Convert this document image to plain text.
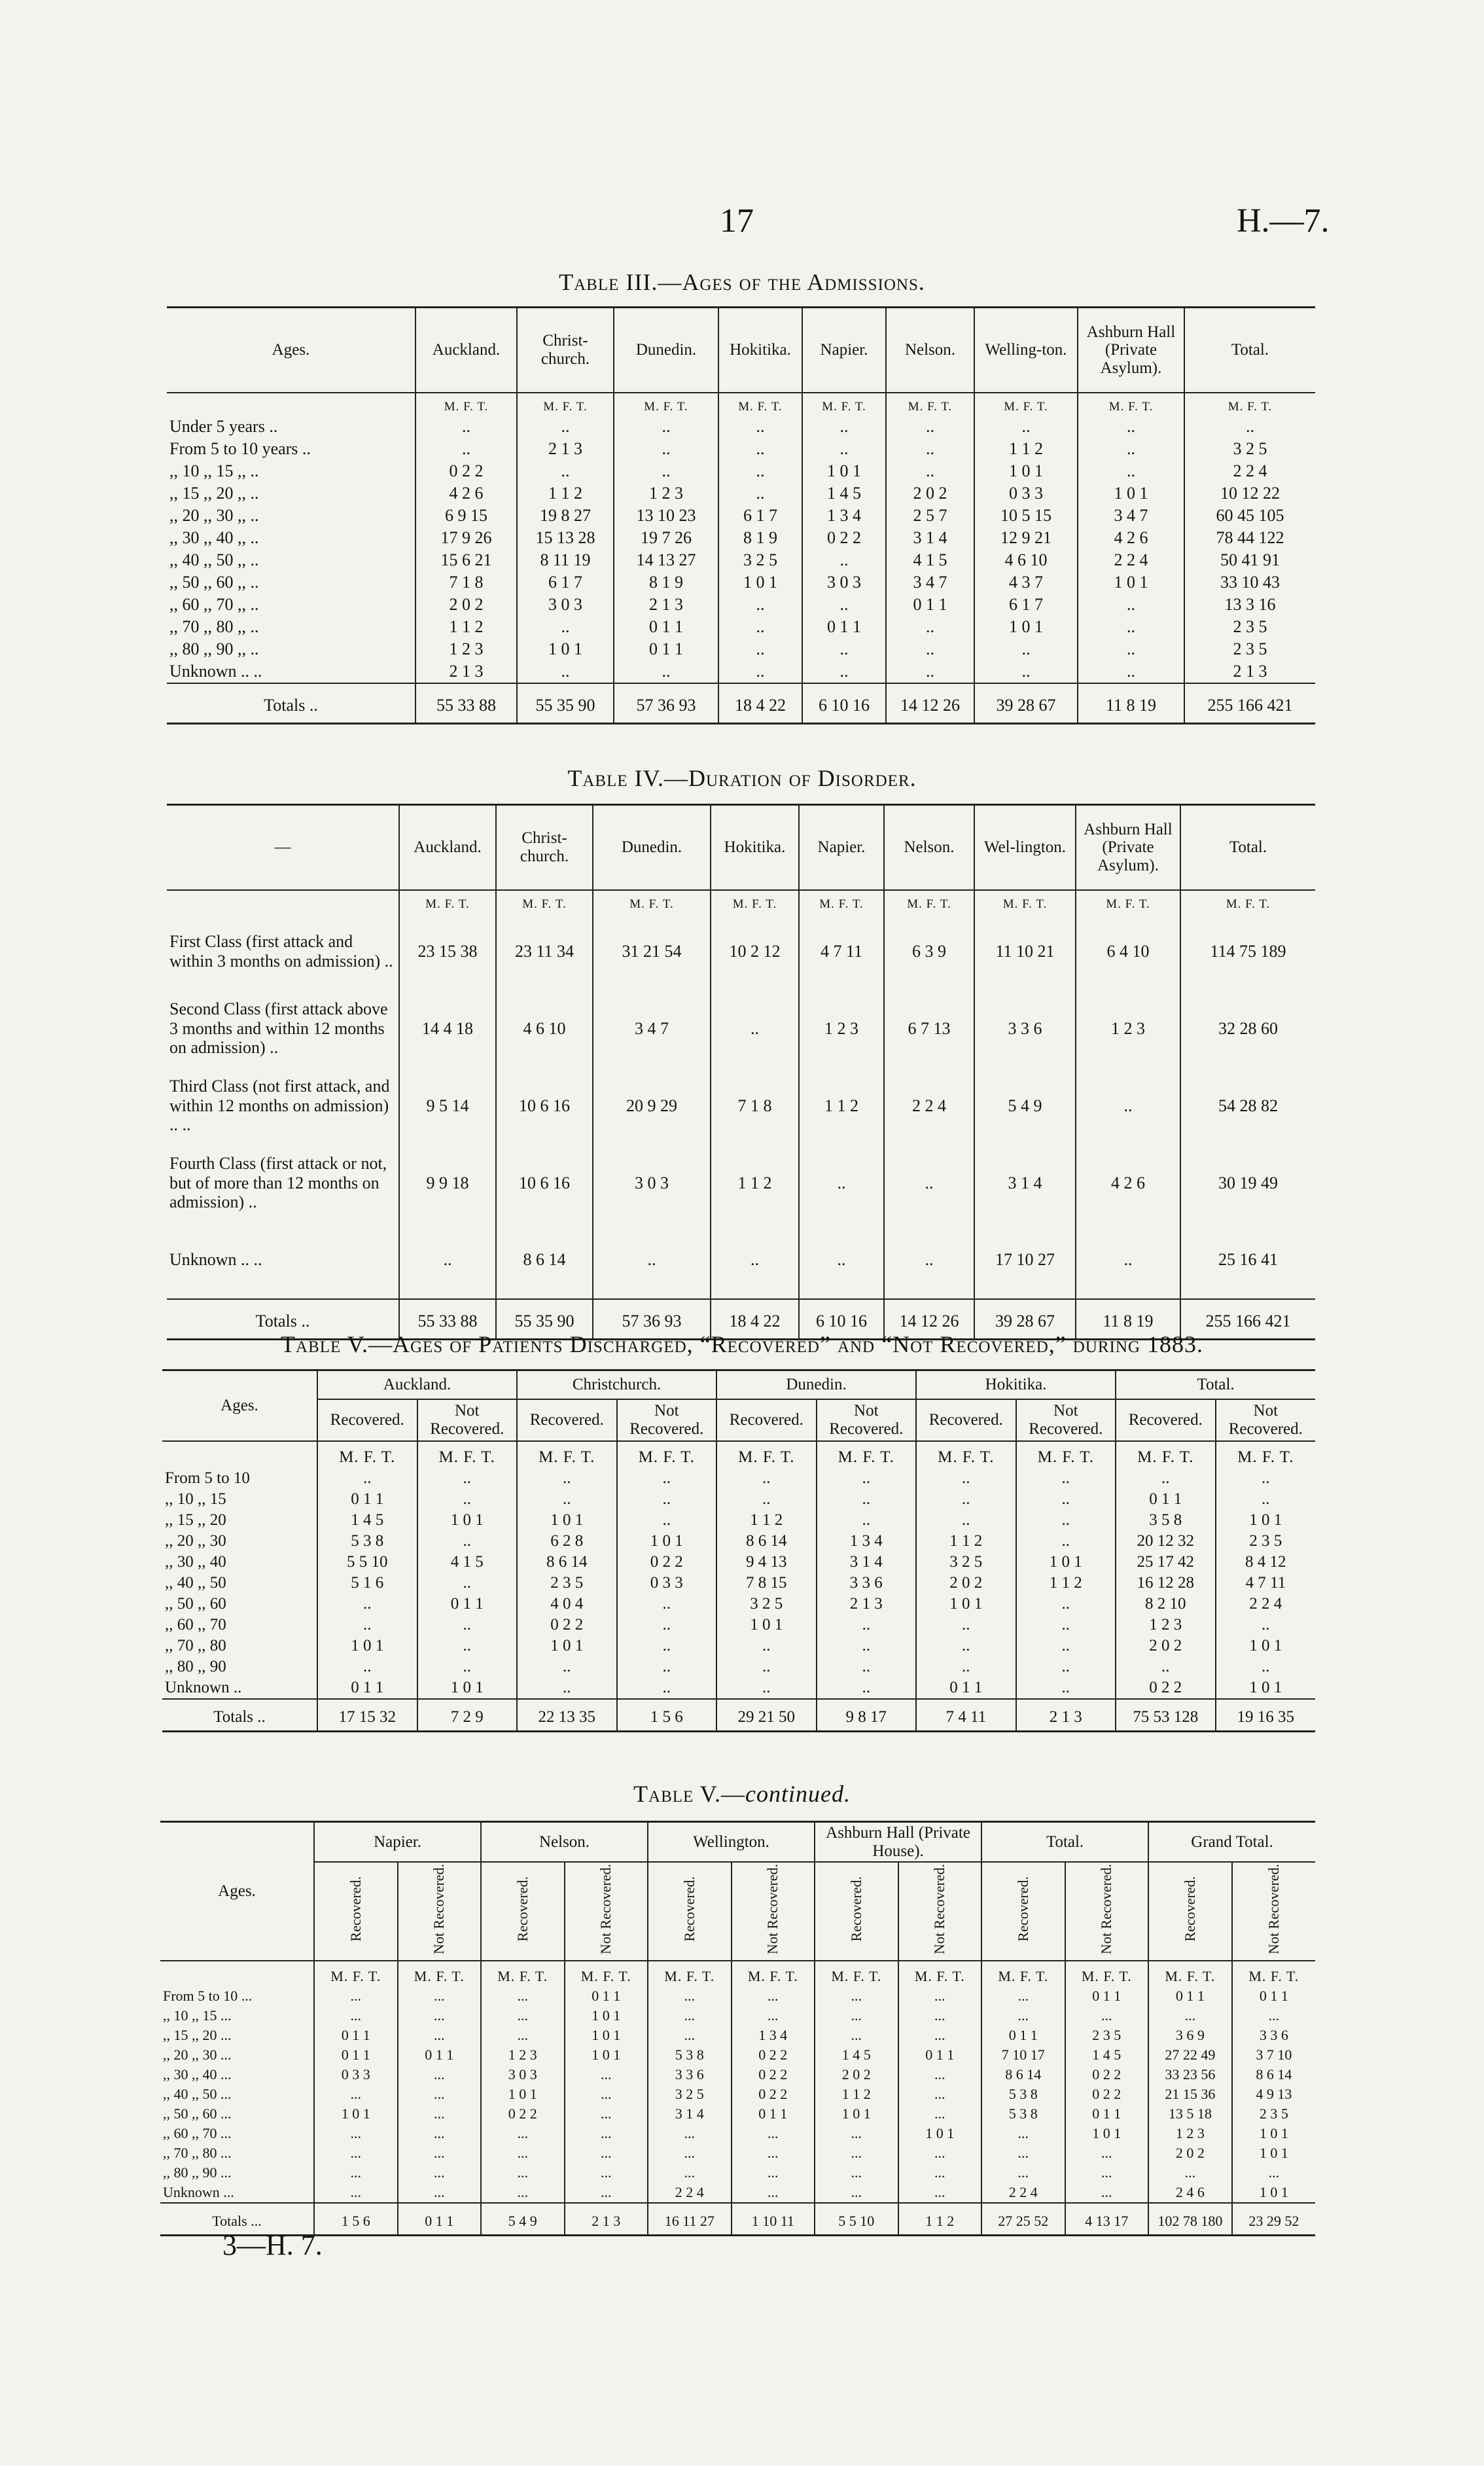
17	H.—7.
Table III.—Ages of the Admissions.
Ages.	Auckland.	Christ-church.	Dunedin.	Hokitika.	Napier.	Nelson.	Welling-ton.	Ashburn Hall (Private Asylum).	Total.
	M. F. T.	M. F. T.	M. F. T.	M. F. T.	M. F. T.	M. F. T.	M. F. T.	M. F. T.	M. F. T.
Under 5 years ..	..	..	..	..	..	..	..	..	..
From 5 to 10 years ..	..	2 1 3	..	..	..	..	1 1 2	..	3 2 5
,, 10 ,, 15 ,, ..	0 2 2	..	..	..	1 0 1	..	1 0 1	..	2 2 4
,, 15 ,, 20 ,, ..	4 2 6	1 1 2	1 2 3	..	1 4 5	2 0 2	0 3 3	1 0 1	10 12 22
,, 20 ,, 30 ,, ..	6 9 15	19 8 27	13 10 23	6 1 7	1 3 4	2 5 7	10 5 15	3 4 7	60 45 105
,, 30 ,, 40 ,, ..	17 9 26	15 13 28	19 7 26	8 1 9	0 2 2	3 1 4	12 9 21	4 2 6	78 44 122
,, 40 ,, 50 ,, ..	15 6 21	8 11 19	14 13 27	3 2 5	..	4 1 5	4 6 10	2 2 4	50 41 91
,, 50 ,, 60 ,, ..	7 1 8	6 1 7	8 1 9	1 0 1	3 0 3	3 4 7	4 3 7	1 0 1	33 10 43
,, 60 ,, 70 ,, ..	2 0 2	3 0 3	2 1 3	..	..	0 1 1	6 1 7	..	13 3 16
,, 70 ,, 80 ,, ..	1 1 2	..	0 1 1	..	0 1 1	..	1 0 1	..	2 3 5
,, 80 ,, 90 ,, ..	1 2 3	1 0 1	0 1 1	..	..	..	..	..	2 3 5
Unknown .. ..	2 1 3	..	..	..	..	..	..	..	2 1 3
Totals ..	55 33 88	55 35 90	57 36 93	18 4 22	6 10 16	14 12 26	39 28 67	11 8 19	255 166 421
Table IV.—Duration of Disorder.
—	Auckland.	Christ-church.	Dunedin.	Hokitika.	Napier.	Nelson.	Wel-lington.	Ashburn Hall (Private Asylum).	Total.
	M. F. T.	M. F. T.	M. F. T.	M. F. T.	M. F. T.	M. F. T.	M. F. T.	M. F. T.	M. F. T.
First Class (first attack and within 3 months on admission) ..	23 15 38	23 11 34	31 21 54	10 2 12	4 7 11	6 3 9	11 10 21	6 4 10	114 75 189
Second Class (first attack above 3 months and within 12 months on admission) ..	14 4 18	4 6 10	3 4 7	..	1 2 3	6 7 13	3 3 6	1 2 3	32 28 60
Third Class (not first attack, and within 12 months on admission) .. ..	9 5 14	10 6 16	20 9 29	7 1 8	1 1 2	2 2 4	5 4 9	..	54 28 82
Fourth Class (first attack or not, but of more than 12 months on admission) ..	9 9 18	10 6 16	3 0 3	1 1 2	..	..	3 1 4	4 2 6	30 19 49
Unknown .. ..	..	8 6 14	..	..	..	..	17 10 27	..	25 16 41
Totals ..	55 33 88	55 35 90	57 36 93	18 4 22	6 10 16	14 12 26	39 28 67	11 8 19	255 166 421
Table V.—Ages of Patients Discharged, “Recovered” and “Not Recovered,” during 1883.
Ages.	Auckland.		Christchurch.		Dunedin.		Hokitika.		Total.	
	Recovered.	Not Recovered.	Recovered.	Not Recovered.	Recovered.	Not Recovered.	Recovered.	Not Recovered.	Recovered.	Not Recovered.
	M. F. T.	M. F. T.	M. F. T.	M. F. T.	M. F. T.	M. F. T.	M. F. T.	M. F. T.	M. F. T.	M. F. T.
From 5 to 10	..	..	..	..	..	..	..	..	..	..
,, 10 ,, 15	0 1 1	..	..	..	..	..	..	..	0 1 1	..
,, 15 ,, 20	1 4 5	1 0 1	1 0 1	..	1 1 2	..	..	..	3 5 8	1 0 1
,, 20 ,, 30	5 3 8	..	6 2 8	1 0 1	8 6 14	1 3 4	1 1 2	..	20 12 32	2 3 5
,, 30 ,, 40	5 5 10	4 1 5	8 6 14	0 2 2	9 4 13	3 1 4	3 2 5	1 0 1	25 17 42	8 4 12
,, 40 ,, 50	5 1 6	..	2 3 5	0 3 3	7 8 15	3 3 6	2 0 2	1 1 2	16 12 28	4 7 11
,, 50 ,, 60	..	0 1 1	4 0 4	..	3 2 5	2 1 3	1 0 1	..	8 2 10	2 2 4
,, 60 ,, 70	..	..	0 2 2	..	1 0 1	..	..	..	1 2 3	..
,, 70 ,, 80	1 0 1	..	1 0 1	..	..	..	..	..	2 0 2	1 0 1
,, 80 ,, 90	..	..	..	..	..	..	..	..	..	..
Unknown ..	0 1 1	1 0 1	..	..	..	..	0 1 1	..	0 2 2	1 0 1
Totals ..	17 15 32	7 2 9	22 13 35	1 5 6	29 21 50	9 8 17	7 4 11	2 1 3	75 53 128	19 16 35
Table V.—continued.
Ages.	Napier.		Nelson.		Wellington.		Ashburn Hall (Private House).		Total.		Grand Total.	
	Recovered.	Not Recovered.	Recovered.	Not Recovered.	Recovered.	Not Recovered.	Recovered.	Not Recovered.	Recovered.	Not Recovered.	Recovered.	Not Recovered.
	M. F. T.	M. F. T.	M. F. T.	M. F. T.	M. F. T.	M. F. T.	M. F. T.	M. F. T.	M. F. T.	M. F. T.	M. F. T.	M. F. T.
From 5 to 10 ...	...	...	...	0 1 1	...	...	...	...	...	0 1 1	0 1 1	0 1 1
,, 10 ,, 15 ...	...	...	...	1 0 1	...	...	...	...	...	...	...	...
,, 15 ,, 20 ...	0 1 1	...	...	1 0 1	...	1 3 4	...	...	0 1 1	2 3 5	3 6 9	3 3 6
,, 20 ,, 30 ...	0 1 1	0 1 1	1 2 3	1 0 1	5 3 8	0 2 2	1 4 5	0 1 1	7 10 17	1 4 5	27 22 49	3 7 10
,, 30 ,, 40 ...	0 3 3	...	3 0 3	...	3 3 6	0 2 2	2 0 2	...	8 6 14	0 2 2	33 23 56	8 6 14
,, 40 ,, 50 ...	...	...	1 0 1	...	3 2 5	0 2 2	1 1 2	...	5 3 8	0 2 2	21 15 36	4 9 13
,, 50 ,, 60 ...	1 0 1	...	0 2 2	...	3 1 4	0 1 1	1 0 1	...	5 3 8	0 1 1	13 5 18	2 3 5
,, 60 ,, 70 ...	...	...	...	...	...	...	...	1 0 1	...	1 0 1	1 2 3	1 0 1
,, 70 ,, 80 ...	...	...	...	...	...	...	...	...	...	...	2 0 2	1 0 1
,, 80 ,, 90 ...	...	...	...	...	...	...	...	...	...	...	...	...
Unknown ...	...	...	...	...	2 2 4	...	...	...	2 2 4	...	2 4 6	1 0 1
Totals ...	1 5 6	0 1 1	5 4 9	2 1 3	16 11 27	1 10 11	5 5 10	1 1 2	27 25 52	4 13 17	102 78 180	23 29 52
3—H. 7.
